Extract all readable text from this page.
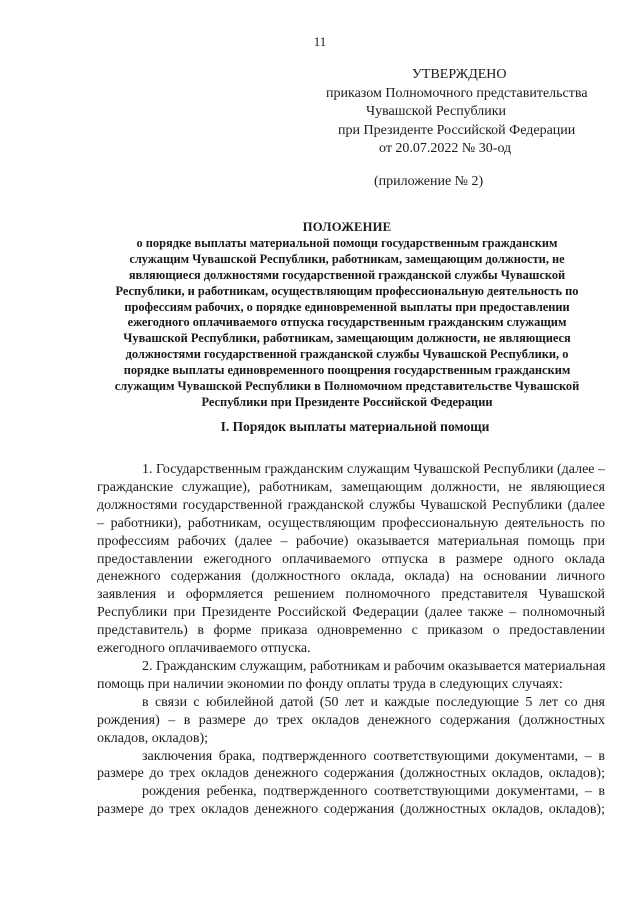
11
УТВЕРЖДЕНО
приказом Полномочного представительства
Чувашской Республики
при Президенте Российской Федерации
от 20.07.2022 № 30-од
(приложение № 2)
ПОЛОЖЕНИЕ
о порядке выплаты материальной помощи государственным гражданским
служащим Чувашской Республики, работникам, замещающим должности, не
являющиеся должностями государственной гражданской службы Чувашской
Республики, и работникам, осуществляющим профессиональную деятельность по
профессиям рабочих, о порядке единовременной выплаты при предоставлении
ежегодного оплачиваемого отпуска государственным гражданским служащим
Чувашской Республики, работникам, замещающим должности, не являющиеся
должностями государственной гражданской службы Чувашской Республики, о
порядке выплаты единовременного поощрения государственным гражданским
служащим Чувашской Республики в Полномочном представительстве Чувашской
Республики при Президенте Российской Федерации
I. Порядок выплаты материальной помощи
1. Государственным гражданским служащим Чувашской Республики (далее –
гражданские служащие), работникам, замещающим должности, не являющиеся
должностями государственной гражданской службы Чувашской Республики (далее
– работники), работникам, осуществляющим профессиональную деятельность по
профессиям рабочих (далее – рабочие) оказывается материальная помощь при
предоставлении ежегодного оплачиваемого отпуска в размере одного оклада
денежного содержания (должностного оклада, оклада) на основании личного
заявления и оформляется решением полномочного представителя Чувашской
Республики при Президенте Российской Федерации (далее также – полномочный
представитель) в форме приказа одновременно с приказом о предоставлении
ежегодного оплачиваемого отпуска.
2. Гражданским служащим, работникам и рабочим оказывается материальная
помощь при наличии экономии по фонду оплаты труда в следующих случаях:
в связи с юбилейной датой (50 лет и каждые последующие 5 лет со дня
рождения) – в размере до трех окладов денежного содержания (должностных
окладов, окладов);
заключения брака, подтвержденного соответствующими документами, – в
размере до трех окладов денежного содержания (должностных окладов, окладов);
рождения ребенка, подтвержденного соответствующими документами, – в
размере до трех окладов денежного содержания (должностных окладов, окладов);
